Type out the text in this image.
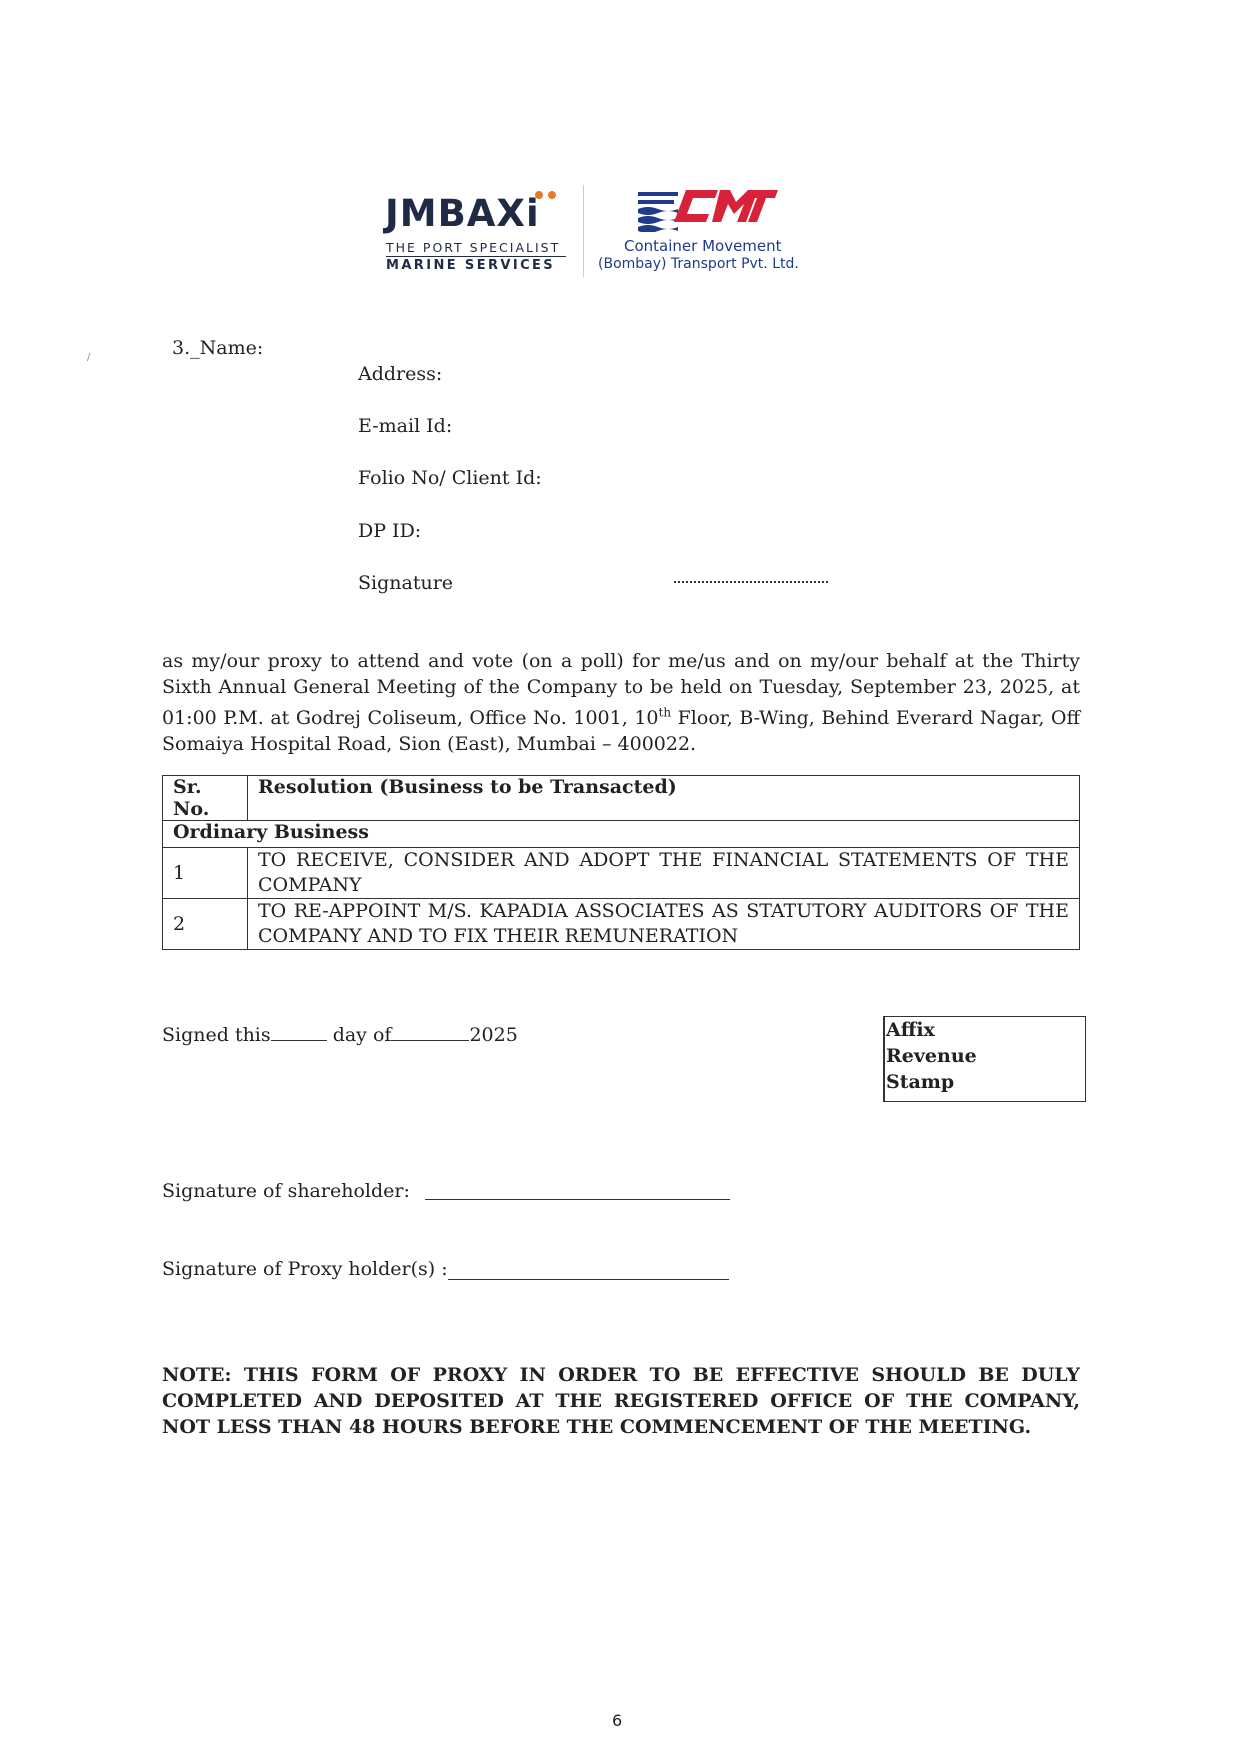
JMBAXi
THE PORT SPECIALIST
MARINE SERVICES
Container Movement
(Bombay) Transport Pvt. Ltd.
/	3._Name:
Address:
E-mail Id:
Folio No/ Client Id:
DP ID:
Signature
as my/our proxy to attend and vote (on a poll) for me/us and on my/our behalf at the Thirty Sixth Annual General Meeting of the Company to be held on Tuesday, September 23, 2025, at 01:00 P.M. at Godrej Coliseum, Office No. 1001, 10th Floor, B-Wing, Behind Everard Nagar, Off Somaiya Hospital Road, Sion (East), Mumbai – 400022.
Sr. No.	Resolution (Business to be Transacted)
Ordinary Business	
1	TO RECEIVE, CONSIDER AND ADOPT THE FINANCIAL STATEMENTS OF THE COMPANY
2	TO RE-APPOINT M/S. KAPADIA ASSOCIATES AS STATUTORY AUDITORS OF THE COMPANY AND TO FIX THEIR REMUNERATION
Signed this	day of	2025	Affix
Revenue
Stamp
Signature of shareholder:
Signature of Proxy holder(s) :
NOTE: THIS FORM OF PROXY IN ORDER TO BE EFFECTIVE SHOULD BE DULY COMPLETED AND DEPOSITED AT THE REGISTERED OFFICE OF THE COMPANY, NOT LESS THAN 48 HOURS BEFORE THE COMMENCEMENT OF THE MEETING.
6
